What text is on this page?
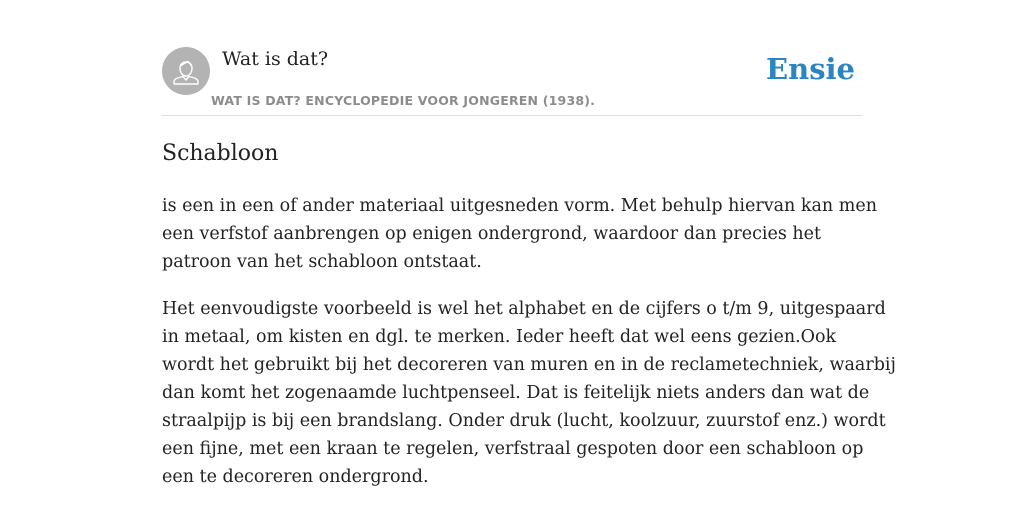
Wat is dat?
WAT IS DAT? ENCYCLOPEDIE VOOR JONGEREN (1938).
Ensie
Schabloon

is een in een of ander materiaal uitgesneden vorm. Met behulp hiervan kan men
een verfstof aanbrengen op enigen ondergrond, waardoor dan precies het
patroon van het schabloon ontstaat.

Het eenvoudigste voorbeeld is wel het alphabet en de cijfers o t/m 9, uitgespaard
in metaal, om kisten en dgl. te merken. Ieder heeft dat wel eens gezien.Ook
wordt het gebruikt bij het decoreren van muren en in de reclametechniek, waarbij
dan komt het zogenaamde luchtpenseel. Dat is feitelijk niets anders dan wat de
straalpijp is bij een brandslang. Onder druk (lucht, koolzuur, zuurstof enz.) wordt
een fijne, met een kraan te regelen, verfstraal gespoten door een schabloon op
een te decoreren ondergrond.
